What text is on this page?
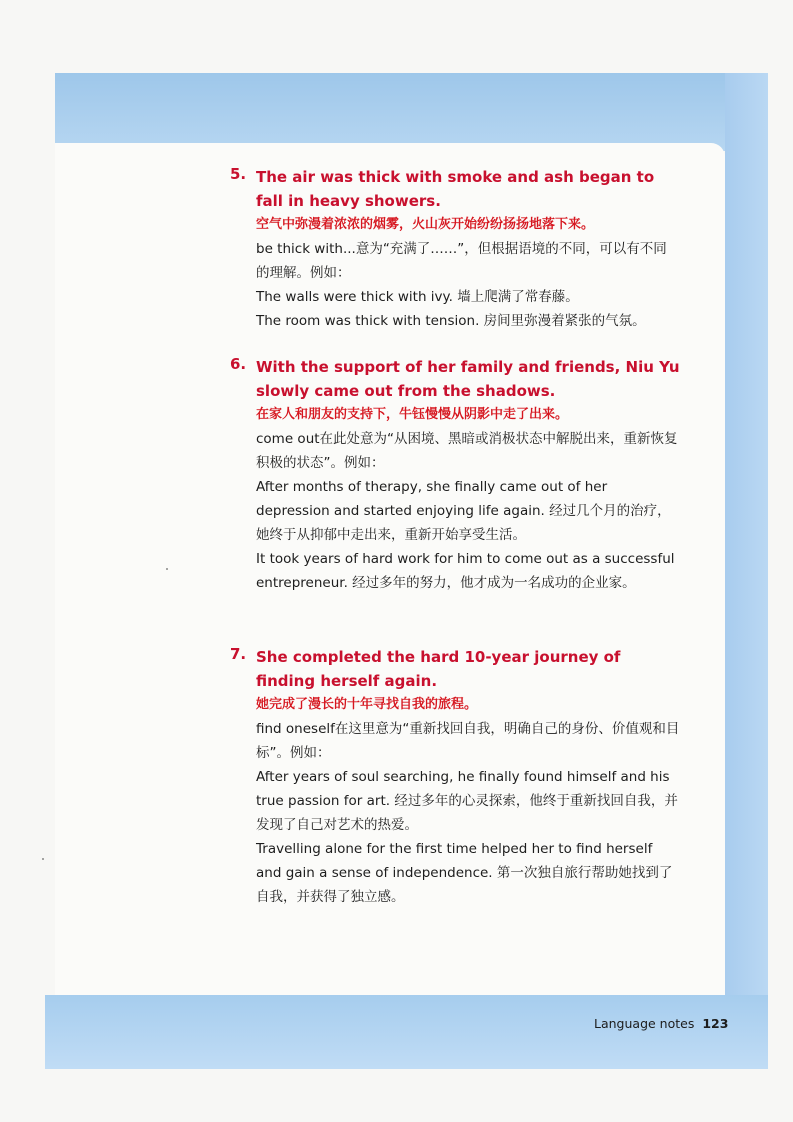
5. The air was thick with smoke and ash began to fall in heavy showers.
空气中弥漫着浓浓的烟雾，火山灰开始纷纷扬扬地落下来。
be thick with...意为“充满了……”，但根据语境的不同，可以有不同的理解。例如：
The walls were thick with ivy. 墙上爬满了常春藤。
The room was thick with tension. 房间里弥漫着紧张的气氛。
6. With the support of her family and friends, Niu Yu slowly came out from the shadows.
在家人和朋友的支持下，牛钰慢慢从阴影中走了出来。
come out在此处意为“从困境、黑暗或消极状态中解脱出来，重新恢复积极的状态”。例如：
After months of therapy, she finally came out of her depression and started enjoying life again. 经过几个月的治疗，她终于从抑郁中走出来，重新开始享受生活。
It took years of hard work for him to come out as a successful entrepreneur. 经过多年的努力，他才成为一名成功的企业家。
7. She completed the hard 10-year journey of finding herself again.
她完成了漫长的十年寻找自我的旅程。
find oneself在这里意为“重新找回自我，明确自己的身份、价值观和目标”。例如：
After years of soul searching, he finally found himself and his true passion for art. 经过多年的心灵探索，他终于重新找回自我，并发现了自己对艺术的热爱。
Travelling alone for the first time helped her to find herself and gain a sense of independence. 第一次独自旅行帮助她找到了自我，并获得了独立感。
Language notes 123
